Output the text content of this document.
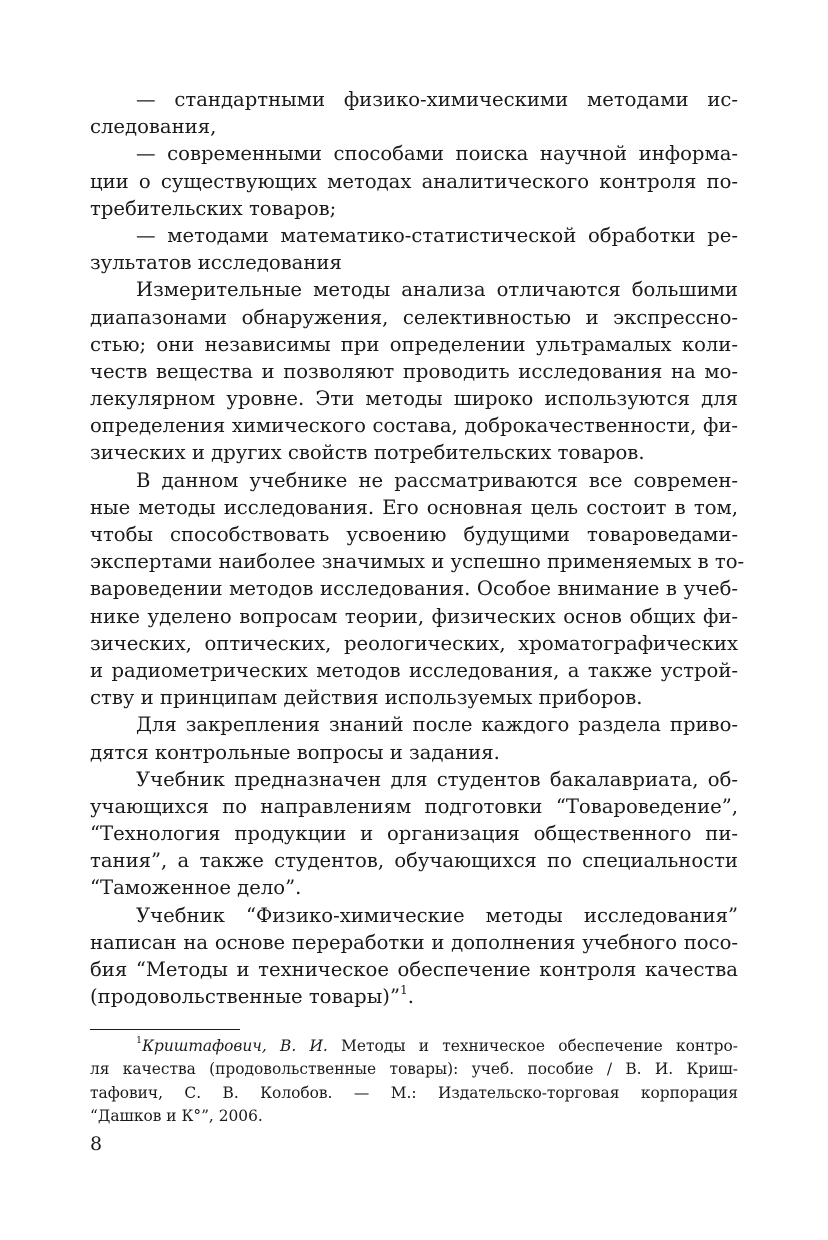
— стандартными физико-химическими методами ис-
следования,
— современными способами поиска научной информа-
ции о существующих методах аналитического контроля по-
требительских товаров;
— методами математико-статистической обработки ре-
зультатов исследования
Измерительные методы анализа отличаются большими
диапазонами обнаружения, селективностью и экспрессно-
стью; они независимы при определении ультрамалых коли-
честв вещества и позволяют проводить исследования на мо-
лекулярном уровне. Эти методы широко используются для
определения химического состава, доброкачественности, фи-
зических и других свойств потребительских товаров.
В данном учебнике не рассматриваются все современ-
ные методы исследования. Его основная цель состоит в том,
чтобы способствовать усвоению будущими товароведами-
экспертами наиболее значимых и успешно применяемых в то-
вароведении методов исследования. Особое внимание в учеб-
нике уделено вопросам теории, физических основ общих фи-
зических, оптических, реологических, хроматографических
и радиометрических методов исследования, а также устрой-
ству и принципам действия используемых приборов.
Для закрепления знаний после каждого раздела приво-
дятся контрольные вопросы и задания.
Учебник предназначен для студентов бакалавриата, об-
учающихся по направлениям подготовки “Товароведение”,
“Технология продукции и организация общественного пи-
тания”, а также студентов, обучающихся по специальности
“Таможенное дело”.
Учебник “Физико-химические методы исследования”
написан на основе переработки и дополнения учебного посо-
бия “Методы и техническое обеспечение контроля качества
(продовольственные товары)”$^1$.
$^1$Криштафович, В. И. Методы и техническое обеспечение контро-
ля качества (продовольственные товары): учеб. пособие / В. И. Криш-
тафович, С. В. Колобов. — М.: Издательско-торговая корпорация
“Дашков и К°”, 2006.
8
